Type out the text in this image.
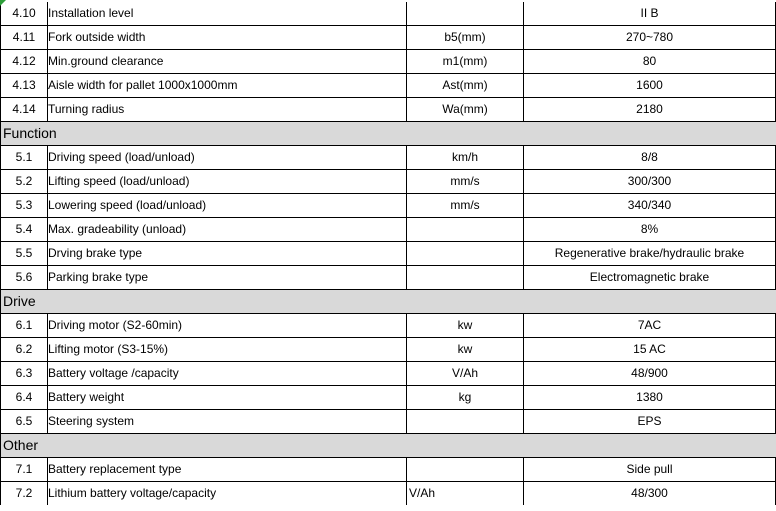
4.10	Installation level		II B
4.11	Fork outside width	b5(mm)	270~780
4.12	Min.ground clearance	m1(mm)	80
4.13	Aisle width for pallet 1000x1000mm	Ast(mm)	1600
4.14	Turning radius	Wa(mm)	2180
Function			
5.1	Driving speed (load/unload)	km/h	8/8
5.2	Lifting speed (load/unload)	mm/s	300/300
5.3	Lowering speed (load/unload)	mm/s	340/340
5.4	Max. gradeability (unload)		8%
5.5	Drving brake type		Regenerative brake/hydraulic brake
5.6	Parking brake type		Electromagnetic brake
Drive			
6.1	Driving motor (S2-60min)	kw	7AC
6.2	Lifting motor (S3-15%)	kw	15 AC
6.3	Battery voltage /capacity	V/Ah	48/900
6.4	Battery weight	kg	1380
6.5	Steering system		EPS
Other			
7.1	Battery replacement type		Side pull
7.2	Lithium battery voltage/capacity	V/Ah	48/300
